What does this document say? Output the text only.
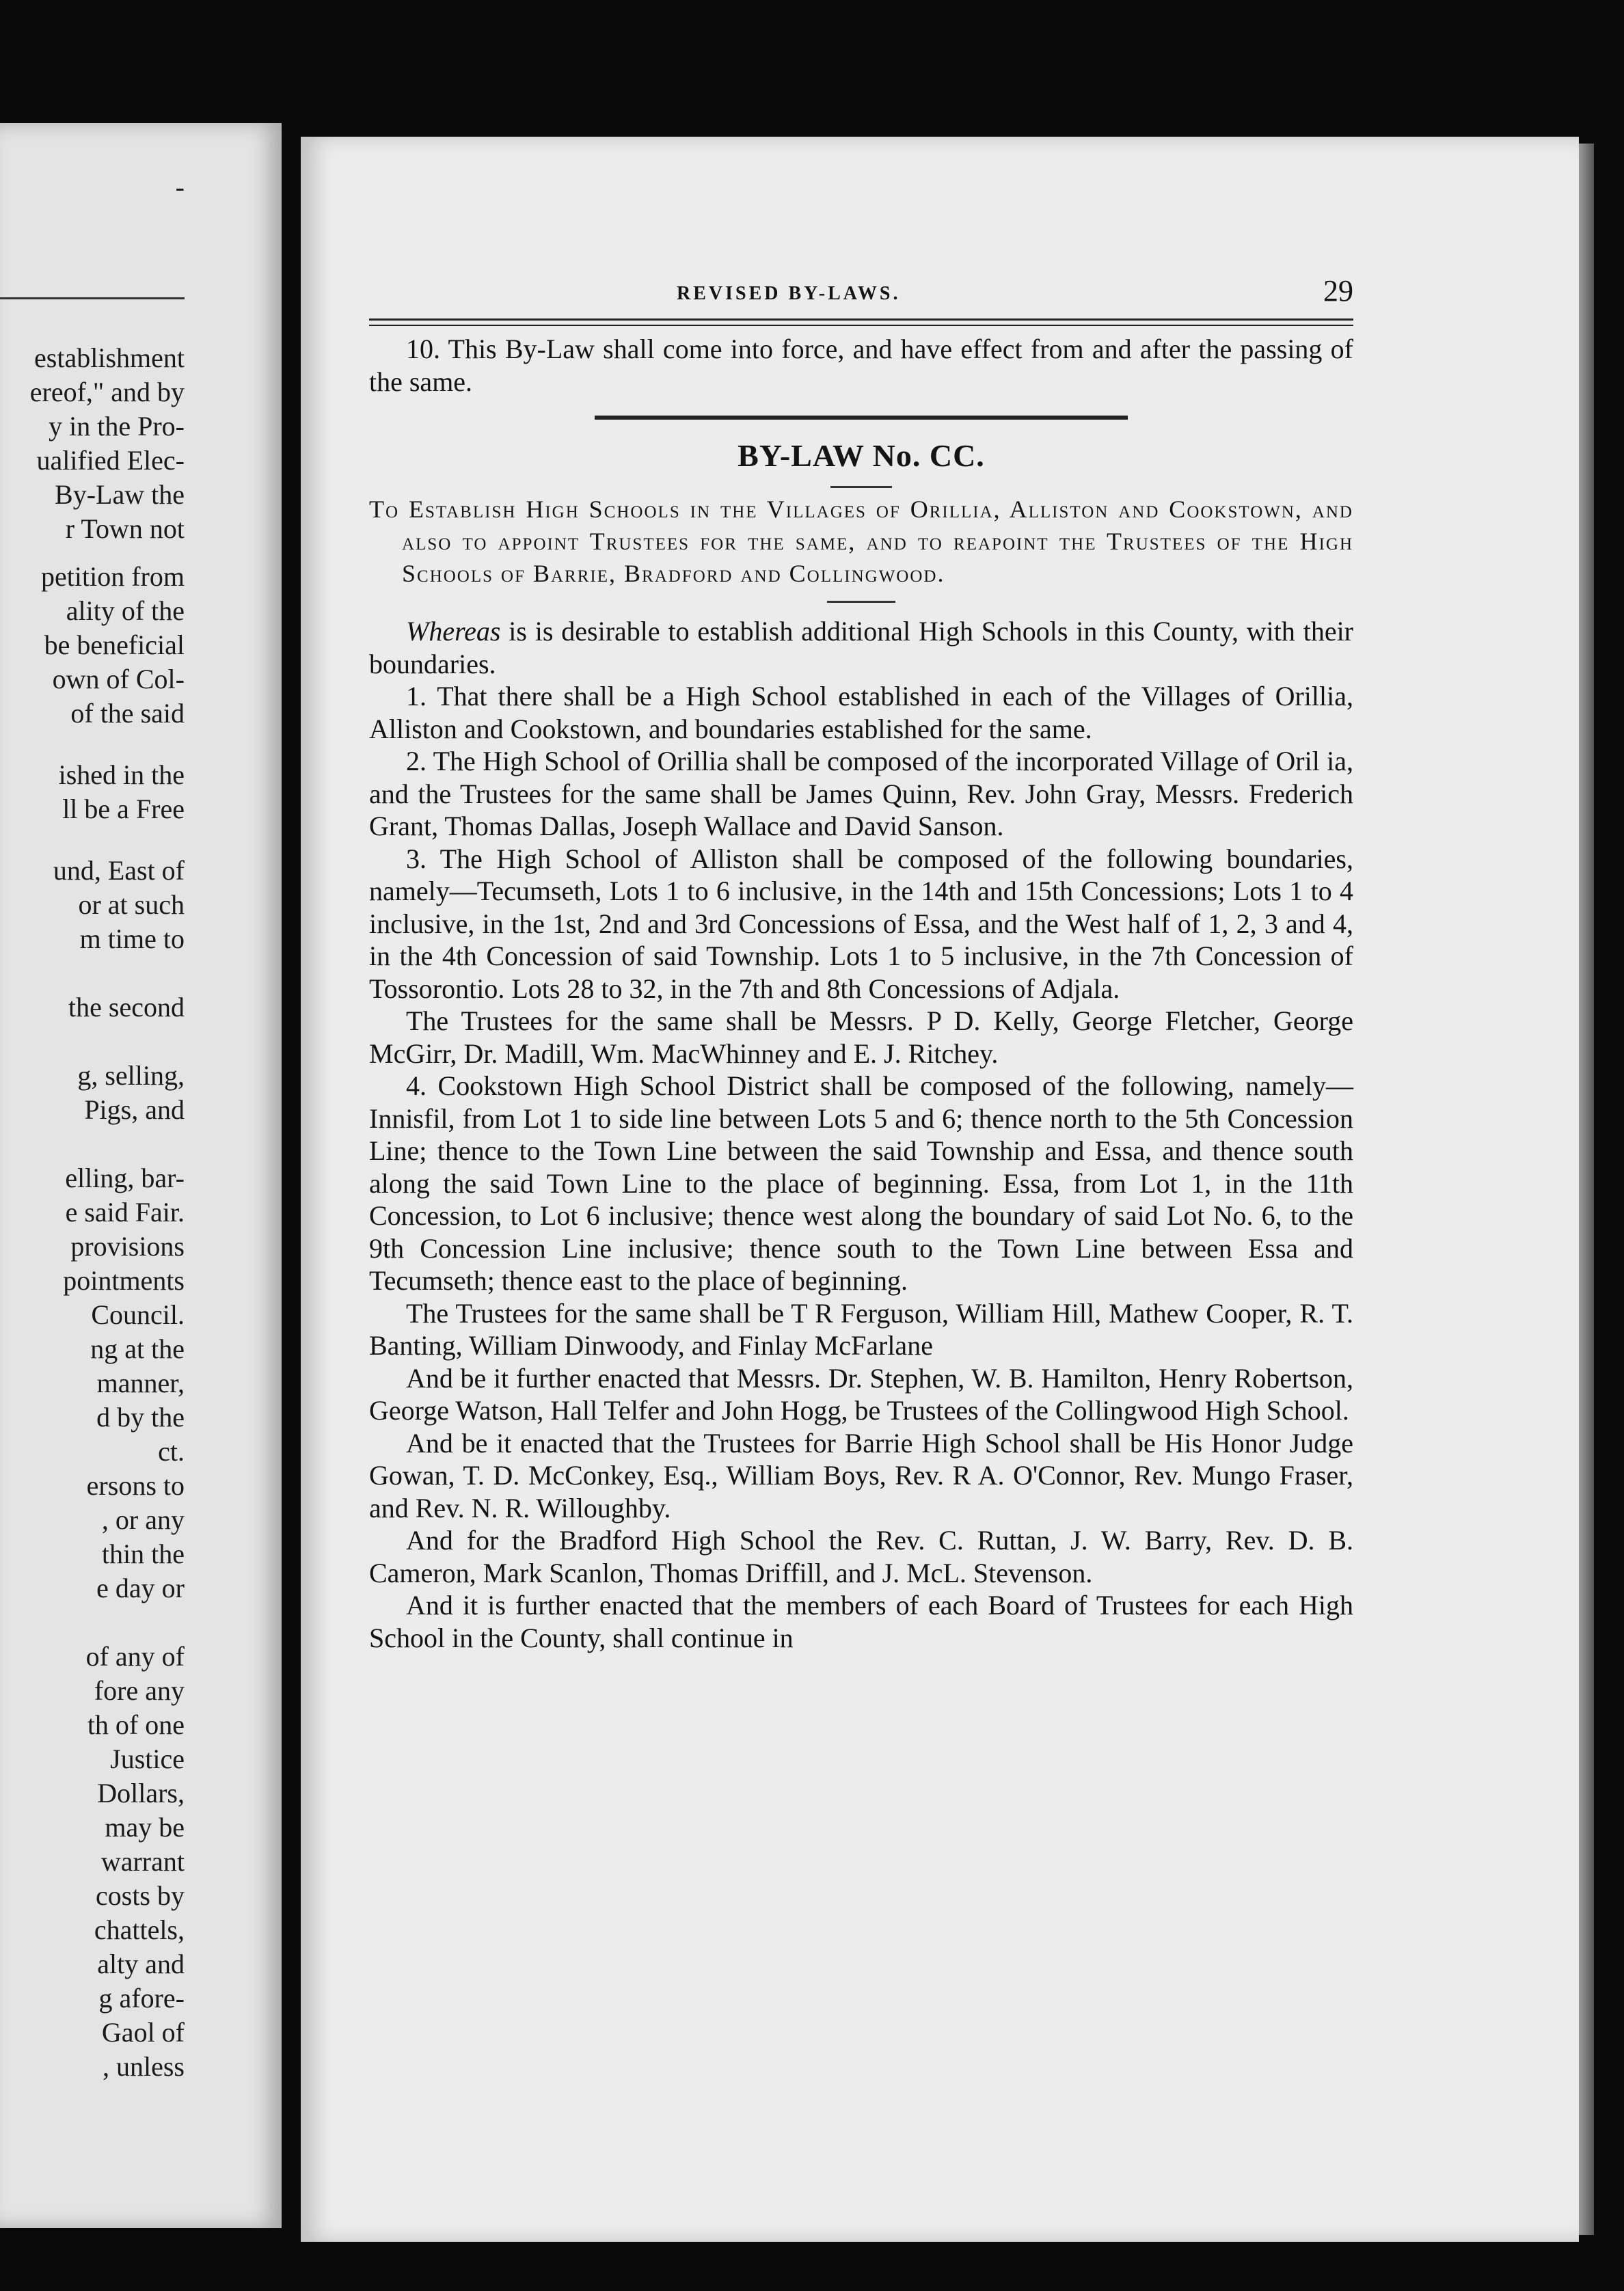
-
establishment
ereof," and by
y in the Pro-
ualified Elec-
By-Law the
r Town not
petition from
ality of the
be beneficial
own of Col-
of the said
ished in the
ll be a Free
und, East of
or at such
m time to
the second
g, selling,
Pigs, and
elling, bar-
e said Fair.
provisions
pointments
Council.
ng at the
manner,
d by the
ct.
ersons to
, or any
thin the
e day or
of any of
fore any
th of one
Justice
Dollars,
may be
warrant
costs by
chattels,
alty and
g afore-
Gaol of
, unless
REVISED BY-LAWS.	29

10. This By-Law shall come into force, and have effect from and after the passing of the same.

BY-LAW No. CC.

To Establish High Schools in the Villages of Orillia, Alliston and Cookstown, and also to appoint Trustees for the same, and to reapoint the Trustees of the High Schools of Barrie, Bradford and Collingwood.

Whereas is is desirable to establish additional High Schools in this County, with their boundaries.

1. That there shall be a High School established in each of the Villages of Orillia, Alliston and Cookstown, and boundaries established for the same.

2. The High School of Orillia shall be composed of the incorporated Village of Oril ia, and the Trustees for the same shall be James Quinn, Rev. John Gray, Messrs. Frederich Grant, Thomas Dallas, Joseph Wallace and David Sanson.

3. The High School of Alliston shall be composed of the following boundaries, namely—Tecumseth, Lots 1 to 6 inclusive, in the 14th and 15th Concessions; Lots 1 to 4 inclusive, in the 1st, 2nd and 3rd Concessions of Essa, and the West half of 1, 2, 3 and 4, in the 4th Concession of said Township. Lots 1 to 5 inclusive, in the 7th Concession of Tossorontio. Lots 28 to 32, in the 7th and 8th Concessions of Adjala.

The Trustees for the same shall be Messrs. P D. Kelly, George Fletcher, George McGirr, Dr. Madill, Wm. MacWhinney and E. J. Ritchey.

4. Cookstown High School District shall be composed of the following, namely—Innisfil, from Lot 1 to side line between Lots 5 and 6; thence north to the 5th Concession Line; thence to the Town Line between the said Township and Essa, and thence south along the said Town Line to the place of beginning. Essa, from Lot 1, in the 11th Concession, to Lot 6 inclusive; thence west along the boundary of said Lot No. 6, to the 9th Concession Line inclusive; thence south to the Town Line between Essa and Tecumseth; thence east to the place of beginning.

The Trustees for the same shall be T R Ferguson, William Hill, Mathew Cooper, R. T. Banting, William Dinwoody, and Finlay McFarlane

And be it further enacted that Messrs. Dr. Stephen, W. B. Hamilton, Henry Robertson, George Watson, Hall Telfer and John Hogg, be Trustees of the Collingwood High School.

And be it enacted that the Trustees for Barrie High School shall be His Honor Judge Gowan, T. D. McConkey, Esq., William Boys, Rev. R A. O'Connor, Rev. Mungo Fraser, and Rev. N. R. Willoughby.

And for the Bradford High School the Rev. C. Ruttan, J. W. Barry, Rev. D. B. Cameron, Mark Scanlon, Thomas Driffill, and J. McL. Stevenson.

And it is further enacted that the members of each Board of Trustees for each High School in the County, shall continue in
